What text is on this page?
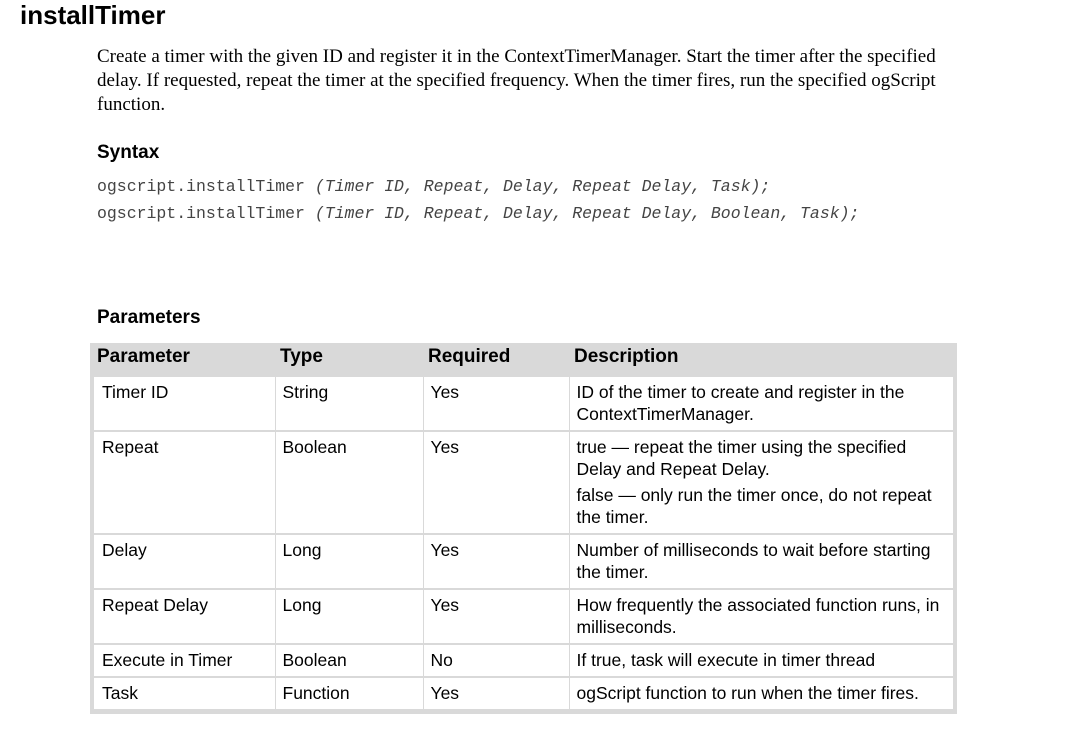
installTimer

Create a timer with the given ID and register it in the ContextTimerManager. Start the timer after the specified delay. If requested, repeat the timer at the specified frequency. When the timer fires, run the specified ogScript function.

Syntax
ogscript.installTimer (Timer ID, Repeat, Delay, Repeat Delay, Task);
ogscript.installTimer (Timer ID, Repeat, Delay, Repeat Delay, Boolean, Task);
Parameters
Parameter	Type	Required	Description
Timer ID	String	Yes	ID of the timer to create and register in the ContextTimerManager.

Repeat	Boolean	Yes	true — repeat the timer using the specified Delay and Repeat Delay.
false — only run the timer once, do not repeat the timer.

Delay	Long	Yes	Number of milliseconds to wait before starting the timer.

Repeat Delay	Long	Yes	How frequently the associated function runs, in milliseconds.

Execute in Timer	Boolean	No	If true, task will execute in timer thread

Task	Function	Yes	ogScript function to run when the timer fires.
